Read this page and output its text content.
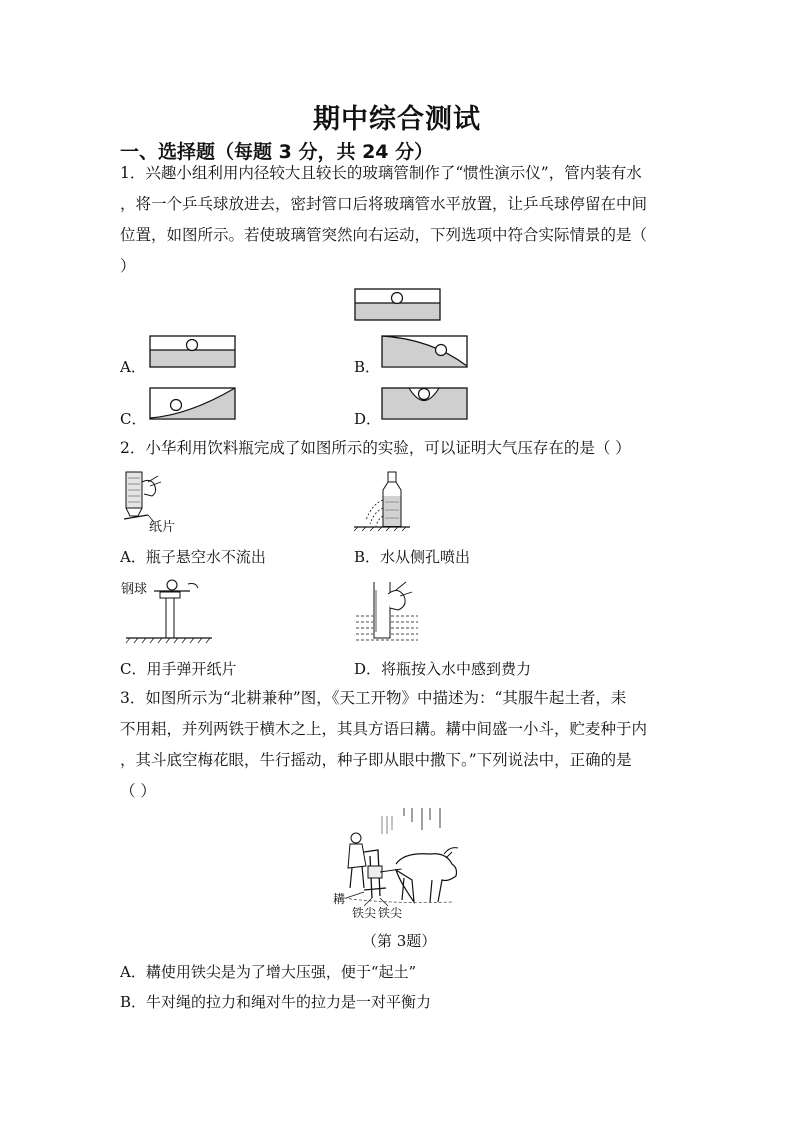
期中综合测试
一、选择题（每题 3 分，共 24 分）
1．兴趣小组利用内径较大且较长的玻璃管制作了“惯性演示仪”，管内装有水
，将一个乒乓球放进去，密封管口后将玻璃管水平放置，让乒乓球停留在中间
位置，如图所示。若使玻璃管突然向右运动，下列选项中符合实际情景的是（
）
A．	B．
C．	D．
2．小华利用饮料瓶完成了如图所示的实验，可以证明大气压存在的是（ ）
纸片
A．瓶子悬空水不流出	B．水从侧孔喷出
钢球
C．用手弹开纸片	D．将瓶按入水中感到费力
3．如图所示为“北耕兼种”图，《天工开物》中描述为：“其服牛起土者，耒
不用耜，并列两铁于横木之上，其具方语曰耩。耩中间盛一小斗，贮麦种于内
，其斗底空梅花眼，牛行摇动，种子即从眼中撒下。”下列说法中，正确的是
（ ）
耩
铁尖 铁尖
（第 3题）
A．耩使用铁尖是为了增大压强，便于“起土”
B．牛对绳的拉力和绳对牛的拉力是一对平衡力
